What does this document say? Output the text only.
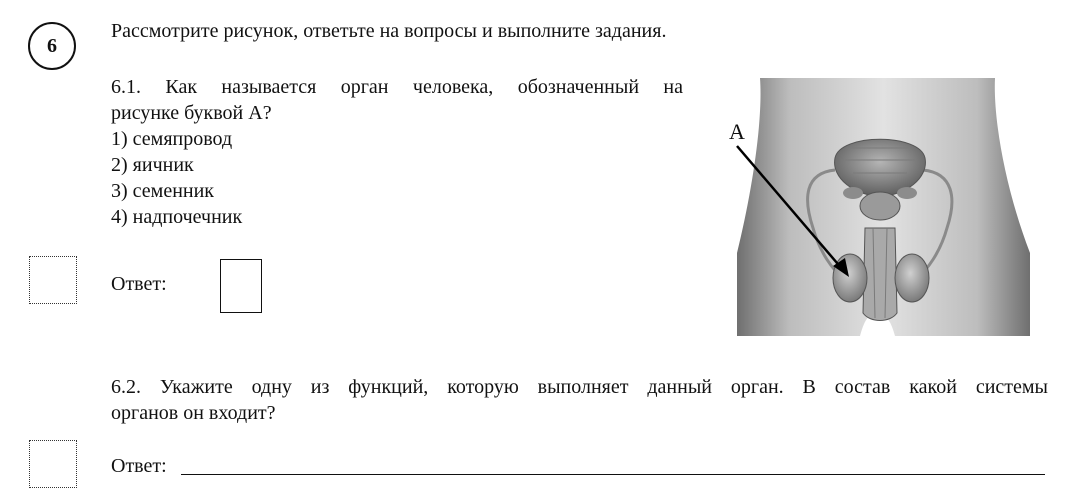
6
Рассмотрите рисунок, ответьте на вопросы и выполните задания.
6.1. Как называется орган человека, обозначенный на
рисунке буквой А?
1) семяпровод
2) яичник
3) семенник
4) надпочечник
Ответ:
А
6.2. Укажите одну из функций, которую выполняет данный орган. В состав какой системы
органов он входит?
Ответ:
